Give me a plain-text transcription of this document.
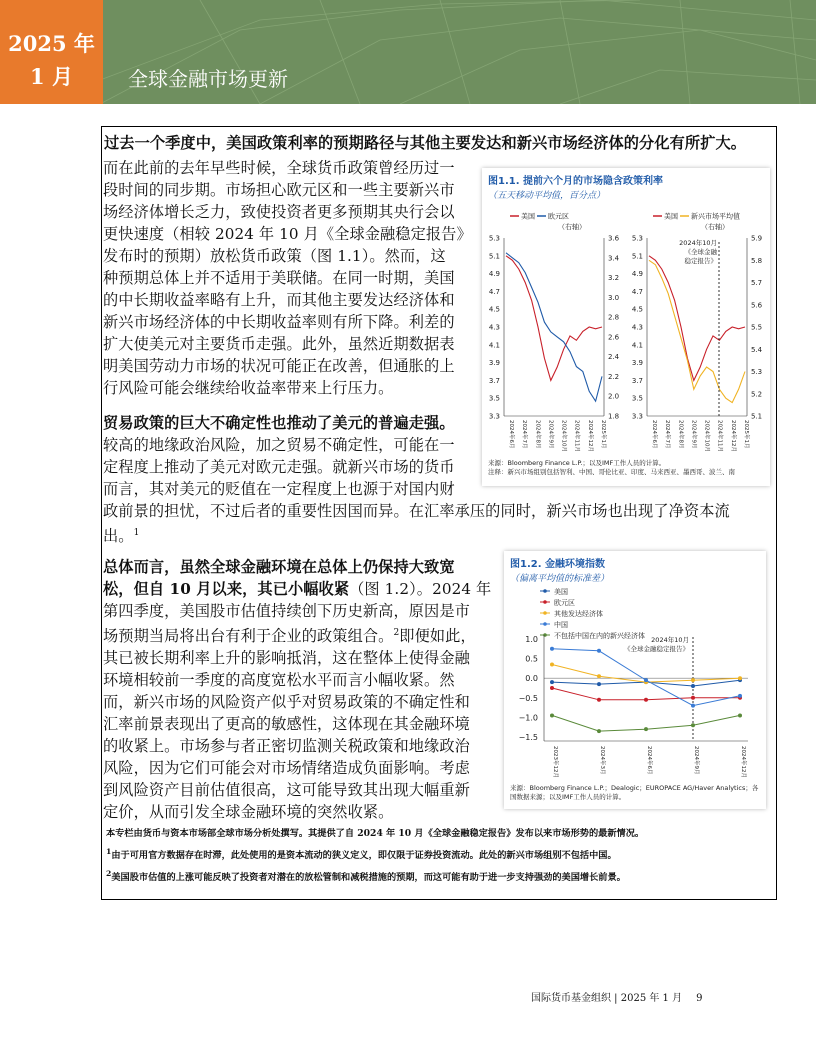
2025 年
1 月	全球金融市场更新
过去一个季度中，美国政策利率的预期路径与其他主要发达和新兴市场经济体的分化有所扩大。
而在此前的去年早些时候，全球货币政策曾经历过一
段时间的同步期。市场担心欧元区和一些主要新兴市
场经济体增长乏力，致使投资者更多预期其央行会以
更快速度（相较 2024 年 10 月《全球金融稳定报告》
发布时的预期）放松货币政策（图 1.1）。然而，这
种预期总体上并不适用于美联储。在同一时期，美国
的中长期收益率略有上升，而其他主要发达经济体和
新兴市场经济体的中长期收益率则有所下降。利差的
扩大使美元对主要货币走强。此外，虽然近期数据表
明美国劳动力市场的状况可能正在改善，但通胀的上
行风险可能会继续给收益率带来上行压力。
贸易政策的巨大不确定性也推动了美元的普遍走强。
较高的地缘政治风险，加之贸易不确定性，可能在一
定程度上推动了美元对欧元走强。就新兴市场的货币
而言，其对美元的贬值在一定程度上也源于对国内财
政前景的担忧，不过后者的重要性因国而异。在汇率承压的同时，新兴市场也出现了净资本流
出。$^1$
总体而言，虽然全球金融环境在总体上仍保持大致宽
松，但自 10 月以来，其已小幅收紧（图 1.2）。2024 年
第四季度，美国股市估值持续创下历史新高，原因是市
场预期当局将出台有利于企业的政策组合。$^2$即便如此，
其已被长期利率上升的影响抵消，这在整体上使得金融
环境相较前一季度的高度宽松水平而言小幅收紧。然
而，新兴市场的风险资产似乎对贸易政策的不确定性和
汇率前景表现出了更高的敏感性，这体现在其金融环境
的收紧上。市场参与者正密切监测关税政策和地缘政治
风险，因为它们可能会对市场情绪造成负面影响。考虑
到风险资产目前估值很高，这可能导致其出现大幅重新
定价，从而引发全球金融环境的突然收紧。
本专栏由货币与资本市场部全球市场分析处撰写。其提供了自 2024 年 10 月《全球金融稳定报告》发布以来市场形势的最新情况。
$^1$由于可用官方数据存在时滞，此处使用的是资本流动的狭义定义，即仅限于证券投资流动。此处的新兴市场组别不包括中国。
$^2$美国股市估值的上涨可能反映了投资者对潜在的放松管制和减税措施的预期，而这可能有助于进一步支持强劲的美国增长前景。
5.3
5.1
4.9
4.7
4.5
4.3
4.1
3.9
3.7
3.5
3.3
3.6
3.4
3.2
3.0
2.8
2.6
2.4
2.2
2.0
1.8
2024年6月	2024年7月	2024年8月	2024年9月	2024年10月	2024年11月	2024年12月	2025年1月
美国 欧元区
（右轴）
5.3
5.1
4.9
4.7
4.5
4.3
4.1
3.9
3.7
3.5
3.3
5.9
5.8
5.7
5.6
5.5
5.4
5.3
5.2
5.1
2024年6月	2024年7月	2024年8月	2024年9月	2024年10月	2024年11月	2024年12月	2025年1月
美国 新兴市场平均值
（右轴）
2024年10月
《全球金融
稳定报告》
图1.1. 提前六个月的市场隐含政策利率
（五天移动平均值，百分点）
来源：Bloomberg Finance L.P.；以及IMF工作人员的计算。
注释：新兴市场组别包括智利、中国、哥伦比亚、印度、马来西亚、墨西哥、波兰、南
美国
欧元区
其他发达经济体
中国
不包括中国在内的新兴经济体
1.0
0.5
0.0
−0.5
−1.0
−1.5
2023年12月	2024年3月	2024年6月	2024年9月	2024年12月
2024年10月
《全球金融稳定报告》
图1.2. 金融环境指数
（偏离平均值的标准差）
来源：Bloomberg Finance L.P.；Dealogic；EUROPACE AG/Haver Analytics；各
国数据来源；以及IMF工作人员的计算。
国际货币基金组织 | 2025 年 1 月 9
